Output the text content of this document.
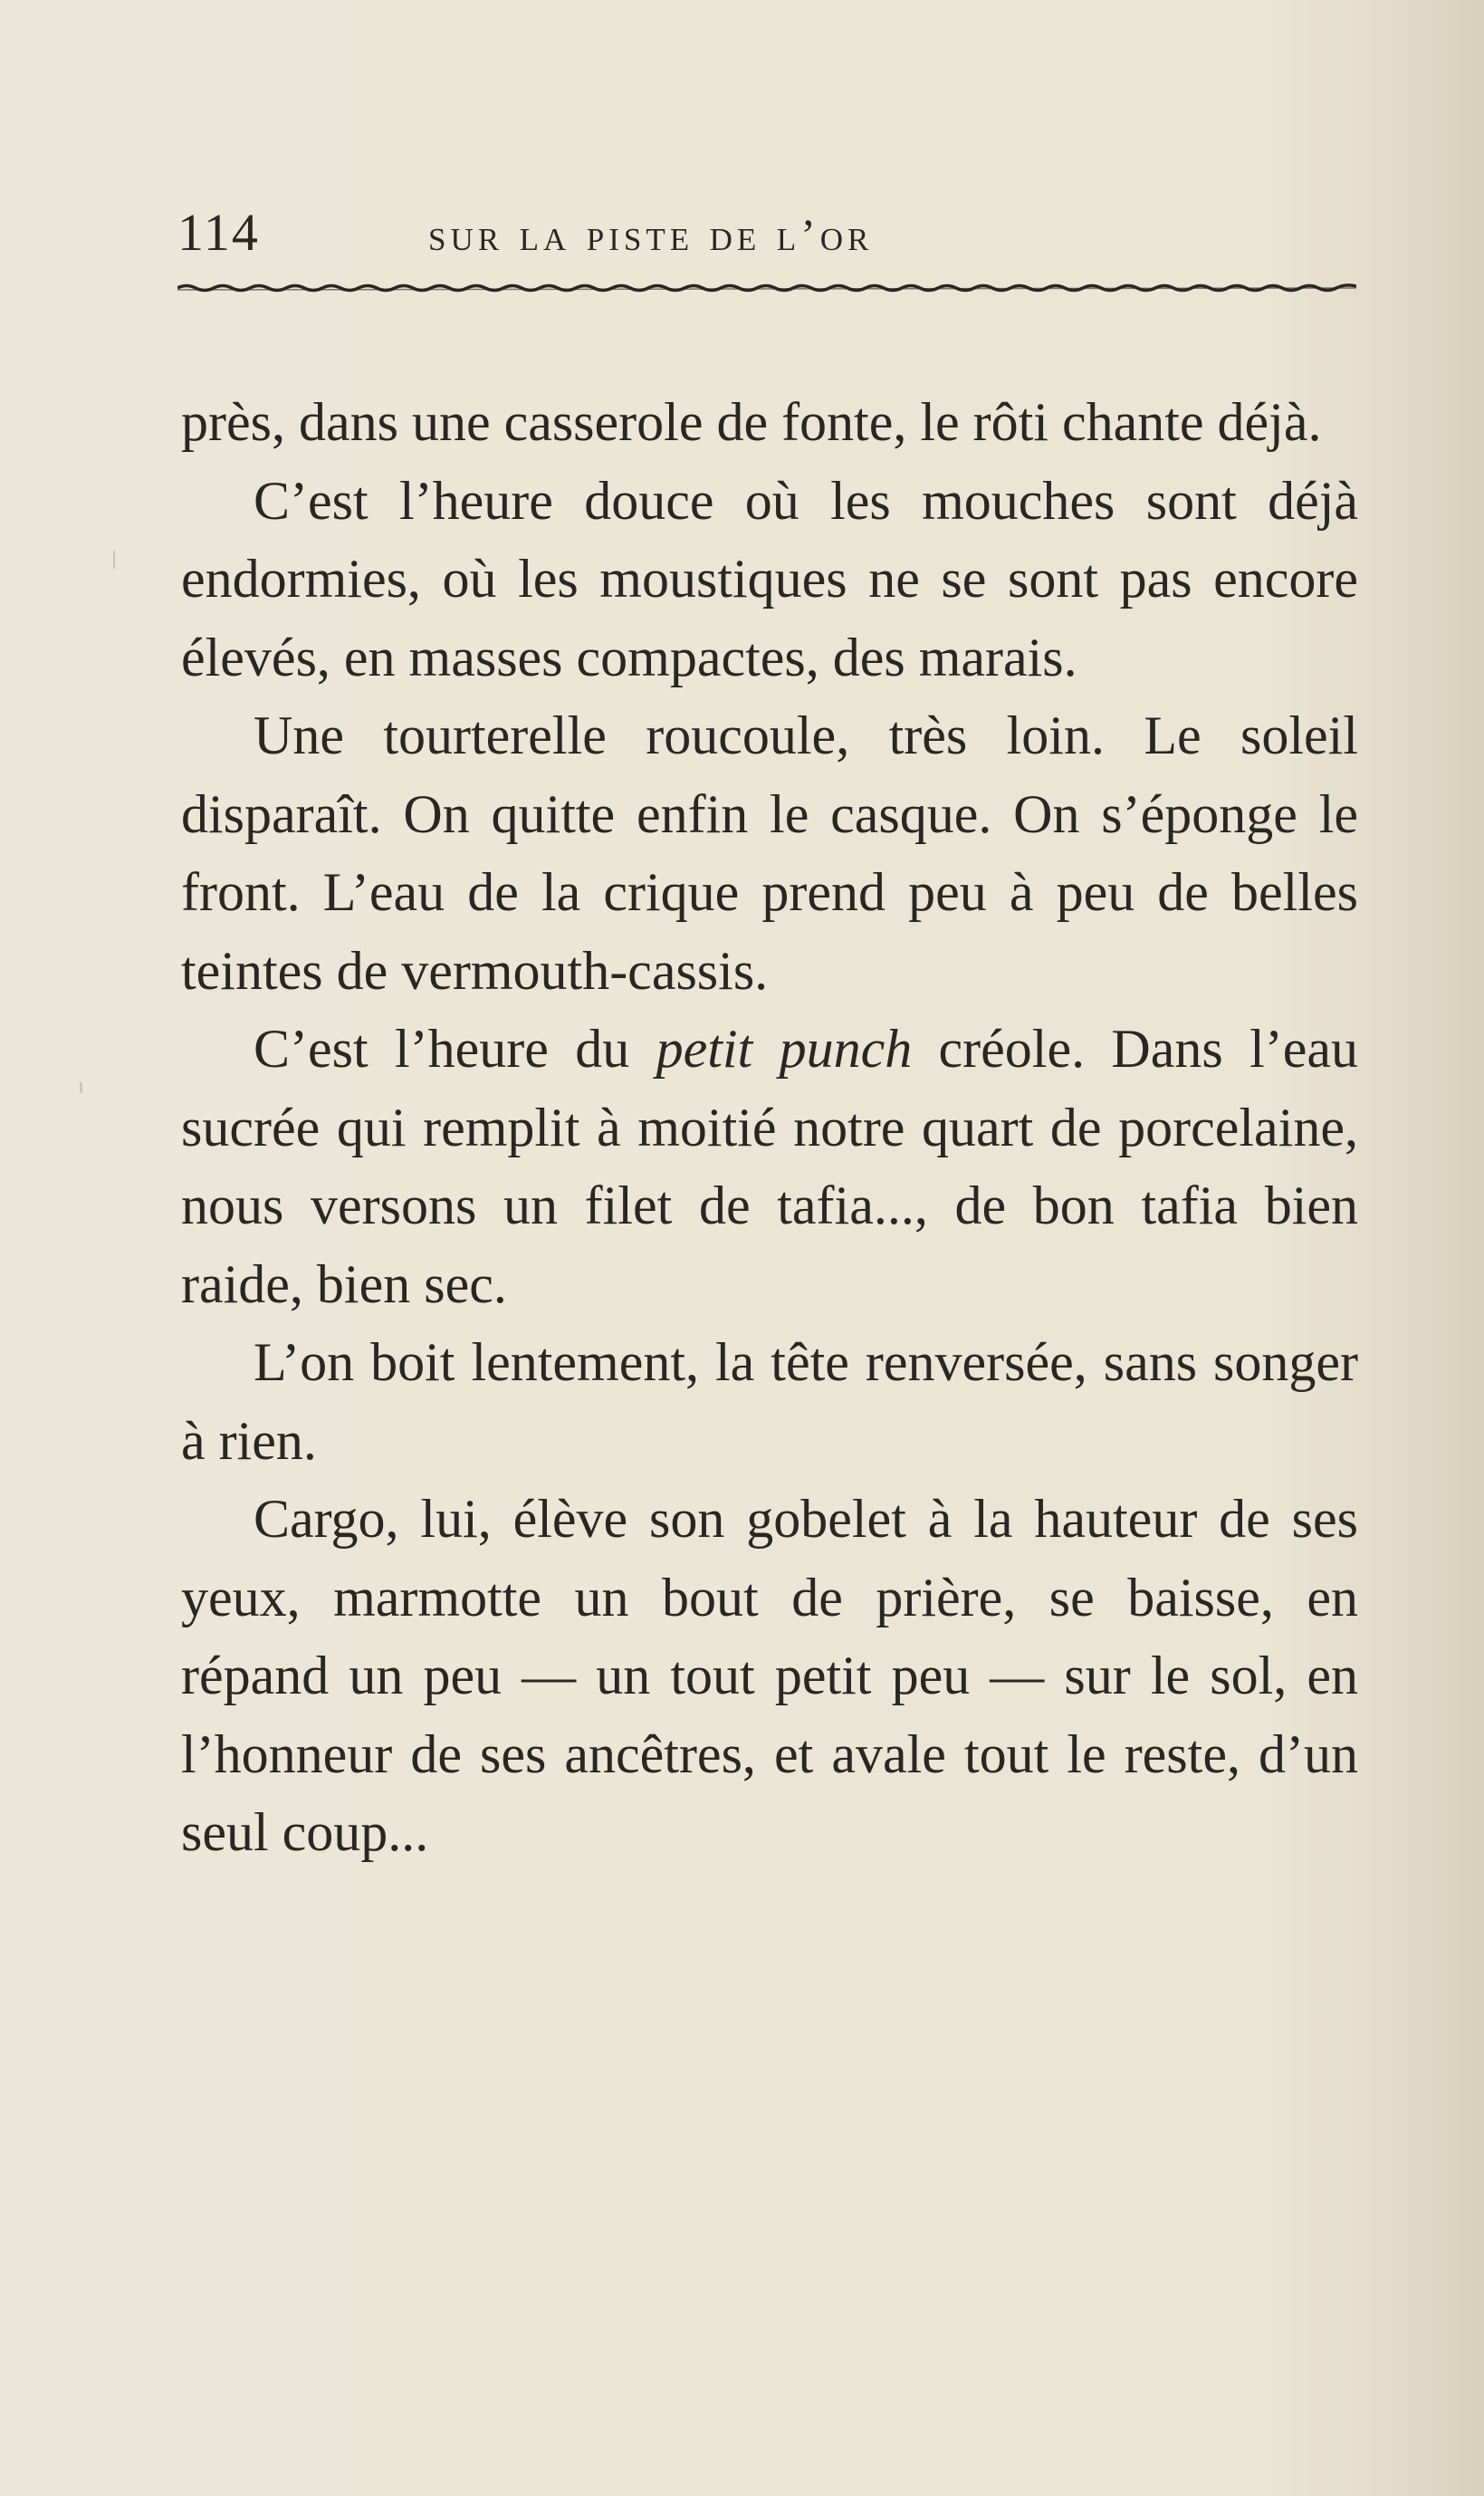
114	sur la piste de l’or

près, dans une casserole de fonte, le rôti chante déjà.

C’est l’heure douce où les mouches sont déjà endormies, où les moustiques ne se sont pas encore élevés, en masses compactes, des marais.

Une tourterelle roucoule, très loin. Le soleil disparaît. On quitte enfin le casque. On s’éponge le front. L’eau de la crique prend peu à peu de belles teintes de vermouth-cassis.

C’est l’heure du petit punch créole. Dans l’eau sucrée qui remplit à moitié notre quart de porcelaine, nous versons un filet de tafia..., de bon tafia bien raide, bien sec.

L’on boit lentement, la tête renversée, sans songer à rien.

Cargo, lui, élève son gobelet à la hauteur de ses yeux, marmotte un bout de prière, se baisse, en répand un peu — un tout petit peu — sur le sol, en l’honneur de ses ancêtres, et avale tout le reste, d’un seul coup...
